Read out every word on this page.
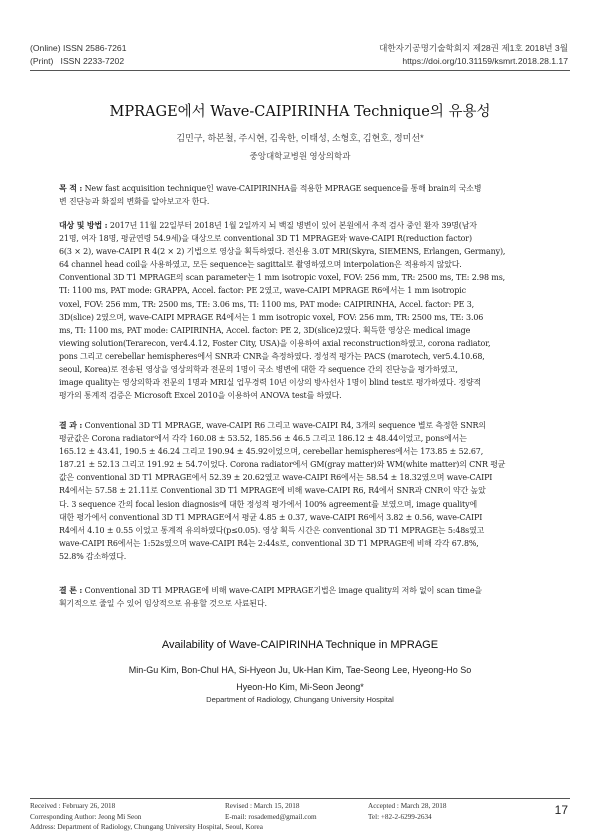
(Online) ISSN 2586-7261
(Print)   ISSN 2233-7202
대한자기공명기술학회지 제28권 제1호 2018년 3월
https://doi.org/10.31159/ksmrt.2018.28.1.17
MPRAGE에서 Wave-CAIPIRINHA Technique의 유용성
김민구, 하본철, 주시현, 김욱한, 이태성, 소형호, 김현호, 정미선*
중앙대학교병원 영상의학과

목 적 : New fast acquisition technique인 wave-CAIPIRINHA를 적용한 MPRAGE sequence를 통해 brain의 국소병

변 진단능과 화질의 변화를 알아보고자 한다.

대상 및 방법 : 2017년 11월 22일부터 2018년 1월 2일까지 뇌 백질 병변이 있어 본원에서 추적 검사 중인 환자 39명(남자

21명, 여자 18명, 평균연령 54.9세)을 대상으로 conventional 3D T1 MPRAGE와 wave-CAIPI R(reduction factor)

6(3 × 2), wave-CAIPI R 4(2 × 2) 기법으로 영상을 획득하였다. 전신용 3.0T MRI(Skyra, SIEMENS, Erlangen, Germany),

64 channel head coil을 사용하였고, 모든 sequence는 sagittal로 촬영하였으며 interpolation은 적용하지 않았다.

Conventional 3D T1 MPRAGE의 scan parameter는 1 mm isotropic voxel, FOV: 256 mm, TR: 2500 ms, TE: 2.98 ms,

TI: 1100 ms, PAT mode: GRAPPA, Accel. factor: PE 2였고, wave-CAIPI MPRAGE R6에서는 1 mm isotropic

voxel, FOV: 256 mm, TR: 2500 ms, TE: 3.06 ms, TI: 1100 ms, PAT mode: CAIPIRINHA, Accel. factor: PE 3,

3D(slice) 2였으며, wave-CAIPI MPRAGE R4에서는 1 mm isotropic voxel, FOV: 256 mm, TR: 2500 ms, TE: 3.06

ms, TI: 1100 ms, PAT mode: CAIPIRINHA, Accel. factor: PE 2, 3D(slice)2였다. 획득한 영상은 medical image

viewing solution(Terarecon, ver4.4.12, Foster City, USA)을 이용하여 axial reconstruction하였고, corona radiator,

pons 그리고 cerebellar hemispheres에서 SNR과 CNR을 측정하였다. 정성적 평가는 PACS (marotech, ver5.4.10.68,

seoul, Korea)로 전송된 영상을 영상의학과 전문의 1명이 국소 병변에 대한 각 sequence 간의 진단능을 평가하였고,

image quality는 영상의학과 전문의 1명과 MRI실 업무경력 10년 이상의 방사선사 1명이 blind test로 평가하였다. 정량적

평가의 통계적 검증은 Microsoft Excel 2010을 이용하여 ANOVA test를 하였다.

결 과 : Conventional 3D T1 MPRAGE, wave-CAIPI R6 그리고 wave-CAIPI R4, 3개의 sequence 별로 측정한 SNR의

평균값은 Corona radiator에서 각각 160.08 ± 53.52, 185.56 ± 46.5 그리고 186.12 ± 48.44이었고, pons에서는

165.12 ± 43.41, 190.5 ± 46.24 그리고 190.94 ± 45.92이었으며, cerebellar hemispheres에서는 173.85 ± 52.67,

187.21 ± 52.13 그리고 191.92 ± 54.7이었다. Corona radiator에서 GM(gray matter)와 WM(white matter)의 CNR 평균

값은 conventional 3D T1 MPRAGE에서 52.39 ± 20.62였고 wave-CAIPI R6에서는 58.54 ± 18.32였으며 wave-CAIPI

R4에서는 57.58 ± 21.11로 Conventional 3D T1 MPRAGE에 비해 wave-CAIPI R6, R4에서 SNR과 CNR이 약간 높았

다. 3 sequence 간의 focal lesion diagnosis에 대한 정성적 평가에서 100% agreement를 보였으며, image quality에

대한 평가에서 conventional 3D T1 MPRAGE에서 평균 4.85 ± 0.37, wave-CAIPI R6에서 3.82 ± 0.56, wave-CAIPI

R4에서 4.10 ± 0.55 이었고 통계적 유의하였다(p≤0.05). 영상 획득 시간은 conventional 3D T1 MPRAGE는 5:48s였고

wave-CAIPI R6에서는 1:52s였으며 wave-CAIPI R4는 2:44s로, conventional 3D T1 MPRAGE에 비해 각각 67.8%,

52.8% 감소하였다.

결 론 : Conventional 3D T1 MPRAGE에 비해 wave-CAIPI MPRAGE기법은 image quality의 저하 없이 scan time을

획기적으로 줄일 수 있어 임상적으로 유용할 것으로 사료된다.

Availability of Wave-CAIPIRINHA Technique in MPRAGE
Min-Gu Kim, Bon-Chul HA, Si-Hyeon Ju, Uk-Han Kim, Tae-Seong Lee, Hyeong-Ho So
Hyeon-Ho Kim, Mi-Seon Jeong*
Department of Radiology, Chungang University Hospital
Received : February 26, 2018
Corresponding Author: Jeong Mi Seon
Revised : March 15, 2018
E-mail: rosademed@gmail.com
Accepted : March 28, 2018
Tel: +82-2-6299-2634
Address: Department of Radiology, Chungang University Hospital, Seoul, Korea
17
